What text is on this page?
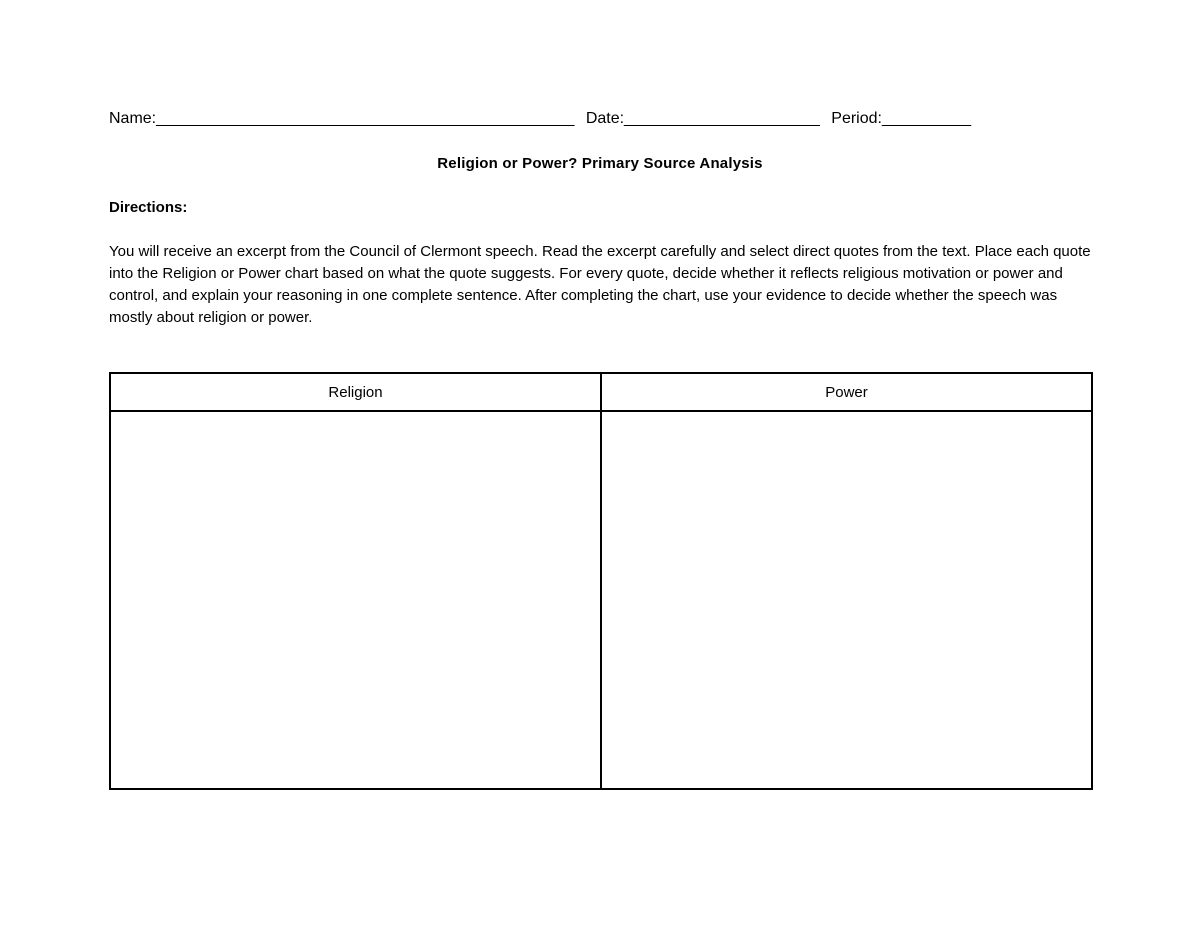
Name:_______________________________________________ Date:______________________ Period:__________
Religion or Power? Primary Source Analysis
Directions:
You will receive an excerpt from the Council of Clermont speech. Read the excerpt carefully and select direct quotes from the text. Place each quote into the Religion or Power chart based on what the quote suggests. For every quote, decide whether it reflects religious motivation or power and control, and explain your reasoning in one complete sentence. After completing the chart, use your evidence to decide whether the speech was mostly about religion or power.
Religion	Power
